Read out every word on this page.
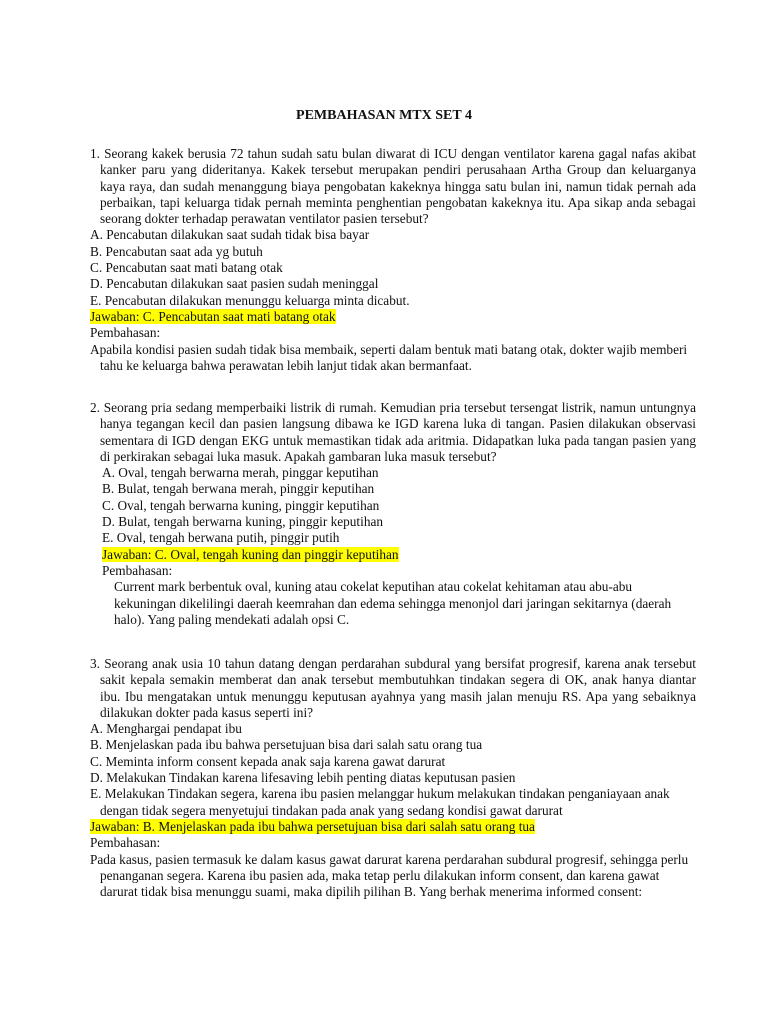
PEMBAHASAN MTX SET 4

1. Seorang kakek berusia 72 tahun sudah satu bulan diwarat di ICU dengan ventilator karena gagal nafas akibat kanker paru yang dideritanya. Kakek tersebut merupakan pendiri perusahaan Artha Group dan keluarganya kaya raya, dan sudah menanggung biaya pengobatan kakeknya hingga satu bulan ini, namun tidak pernah ada perbaikan, tapi keluarga tidak pernah meminta penghentian pengobatan kakeknya itu. Apa sikap anda sebagai seorang dokter terhadap perawatan ventilator pasien tersebut?

A. Pencabutan dilakukan saat sudah tidak bisa bayar

B. Pencabutan saat ada yg butuh

C. Pencabutan saat mati batang otak

D. Pencabutan dilakukan saat pasien sudah meninggal

E. Pencabutan dilakukan menunggu keluarga minta dicabut.

Jawaban: C. Pencabutan saat mati batang otak

Pembahasan:

Apabila kondisi pasien sudah tidak bisa membaik, seperti dalam bentuk mati batang otak, dokter wajib memberi tahu ke keluarga bahwa perawatan lebih lanjut tidak akan bermanfaat.

2. Seorang pria sedang memperbaiki listrik di rumah. Kemudian pria tersebut tersengat listrik, namun untungnya hanya tegangan kecil dan pasien langsung dibawa ke IGD karena luka di tangan. Pasien dilakukan observasi sementara di IGD dengan EKG untuk memastikan tidak ada aritmia. Didapatkan luka pada tangan pasien yang di perkirakan sebagai luka masuk. Apakah gambaran luka masuk tersebut?

A. Oval, tengah berwarna merah, pinggar keputihan

B. Bulat, tengah berwana merah, pinggir keputihan

C. Oval, tengah berwarna kuning, pinggir keputihan

D. Bulat, tengah berwarna kuning, pinggir keputihan

E. Oval, tengah berwana putih, pinggir putih

Jawaban: C. Oval, tengah kuning dan pinggir keputihan

Pembahasan:

Current mark berbentuk oval, kuning atau cokelat keputihan atau cokelat kehitaman atau abu-abu kekuningan dikelilingi daerah keemrahan dan edema sehingga menonjol dari jaringan sekitarnya (daerah halo). Yang paling mendekati adalah opsi C.

3. Seorang anak usia 10 tahun datang dengan perdarahan subdural yang bersifat progresif, karena anak tersebut sakit kepala semakin memberat dan anak tersebut membutuhkan tindakan segera di OK, anak hanya diantar ibu. Ibu mengatakan untuk menunggu keputusan ayahnya yang masih jalan menuju RS. Apa yang sebaiknya dilakukan dokter pada kasus seperti ini?

A. Menghargai pendapat ibu

B. Menjelaskan pada ibu bahwa persetujuan bisa dari salah satu orang tua

C. Meminta inform consent kepada anak saja karena gawat darurat

D. Melakukan Tindakan karena lifesaving lebih penting diatas keputusan pasien

E. Melakukan Tindakan segera, karena ibu pasien melanggar hukum melakukan tindakan penganiayaan anak dengan tidak segera menyetujui tindakan pada anak yang sedang kondisi gawat darurat

Jawaban: B. Menjelaskan pada ibu bahwa persetujuan bisa dari salah satu orang tua

Pembahasan:

Pada kasus, pasien termasuk ke dalam kasus gawat darurat karena perdarahan subdural progresif, sehingga perlu penanganan segera. Karena ibu pasien ada, maka tetap perlu dilakukan inform consent, dan karena gawat darurat tidak bisa menunggu suami, maka dipilih pilihan B. Yang berhak menerima informed consent:
